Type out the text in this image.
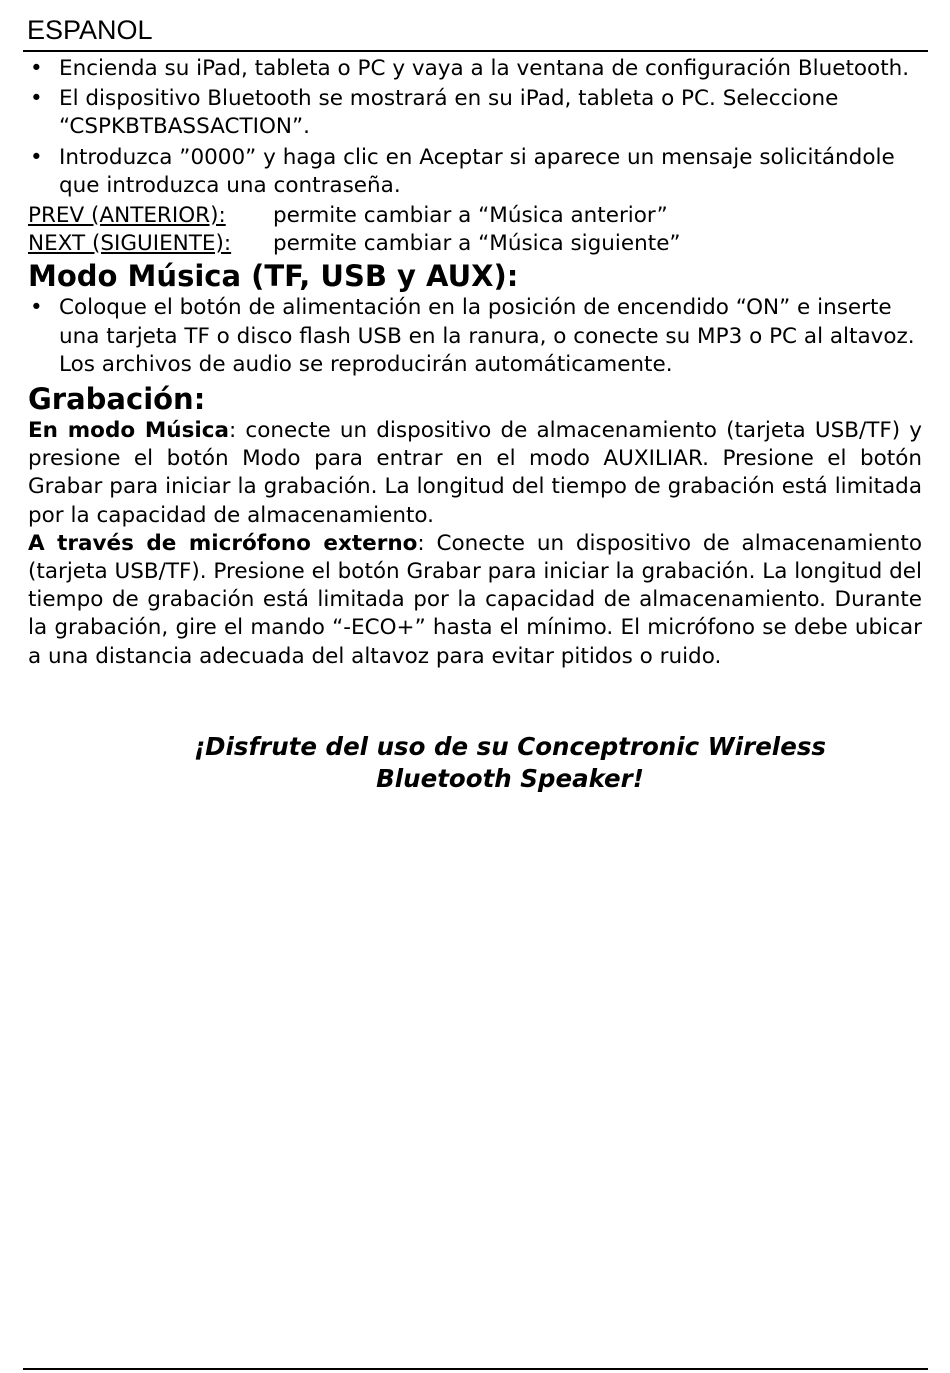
ESPANOL
• Encienda su iPad, tableta o PC y vaya a la ventana de configuración Bluetooth.
• El dispositivo Bluetooth se mostrará en su iPad, tableta o PC. Seleccione “CSPKBTBASSACTION”.
• Introduzca ”0000” y haga clic en Aceptar si aparece un mensaje solicitándole que introduzca una contraseña.
PREV (ANTERIOR):	permite cambiar a “Música anterior”
NEXT (SIGUIENTE):	permite cambiar a “Música siguiente”
Modo Música (TF, USB y AUX):
• Coloque el botón de alimentación en la posición de encendido “ON” e inserte una tarjeta TF o disco flash USB en la ranura, o conecte su MP3 o PC al altavoz. Los archivos de audio se reproducirán automáticamente.
Grabación:

En modo Música: conecte un dispositivo de almacenamiento (tarjeta USB/TF) y presione el botón Modo para entrar en el modo AUXILIAR. Presione el botón Grabar para iniciar la grabación. La longitud del tiempo de grabación está limitada por la capacidad de almacenamiento.

A través de micrófono externo: Conecte un dispositivo de almacenamiento (tarjeta USB/TF). Presione el botón Grabar para iniciar la grabación. La longitud del tiempo de grabación está limitada por la capacidad de almacenamiento. Durante la grabación, gire el mando “-ECO+” hasta el mínimo. El micrófono se debe ubicar a una distancia adecuada del altavoz para evitar pitidos o ruido.

¡Disfrute del uso de su Conceptronic Wireless
Bluetooth Speaker!
